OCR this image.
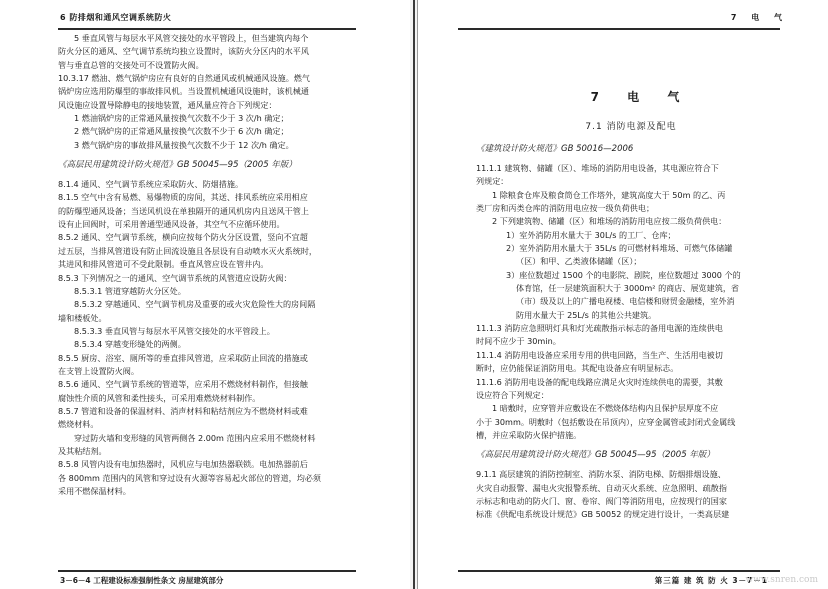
6 防排烟和通风空调系统防火
5 垂直风管与每层水平风管交接处的水平管段上，但当建筑内每个
防火分区的通风、空气调节系统均独立设置时，该防火分区内的水平风
管与垂直总管的交接处可不设置防火阀。
10.3.17 燃油、燃气锅炉房应有良好的自然通风或机械通风设施。燃气
锅炉房应选用防爆型的事故排风机。当设置机械通风设施时，该机械通
风设施应设置导除静电的接地装置，通风量应符合下列规定：
1 燃油锅炉房的正常通风量按换气次数不少于 3 次/h 确定；
2 燃气锅炉房的正常通风量按换气次数不少于 6 次/h 确定；
3 燃气锅炉房的事故排风量按换气次数不少于 12 次/h 确定。
《高层民用建筑设计防火规范》GB 50045—95（2005 年版）
8.1.4 通风、空气调节系统应采取防火、防烟措施。
8.1.5 空气中含有易燃、易爆物质的房间，其送、排风系统应采用相应
的防爆型通风设备；当送风机设在单独隔开的通风机房内且送风干管上
设有止回阀时，可采用普通型通风设备，其空气不应循环使用。
8.5.2 通风、空气调节系统，横向应按每个防火分区设置，竖向不宜超
过五层，当排风管道设有防止回流设施且各层设有自动喷水灭火系统时，
其进风和排风管道可不受此限制。垂直风管应设在管井内。
8.5.3 下列情况之一的通风、空气调节系统的风管道应设防火阀：
8.5.3.1 管道穿越防火分区处。
8.5.3.2 穿越通风、空气调节机房及重要的或火灾危险性大的房间隔
墙和楼板处。
8.5.3.3 垂直风管与每层水平风管交接处的水平管段上。
8.5.3.4 穿越变形缝处的两侧。
8.5.5 厨房、浴室、厕所等的垂直排风管道，应采取防止回流的措施或
在支管上设置防火阀。
8.5.6 通风、空气调节系统的管道等，应采用不燃烧材料制作，但接触
腐蚀性介质的风管和柔性接头，可采用难燃烧材料制作。
8.5.7 管道和设备的保温材料、消声材料和粘结剂应为不燃烧材料或难
燃烧材料。
穿过防火墙和变形缝的风管两侧各 2.00m 范围内应采用不燃烧材料
及其粘结剂。
8.5.8 风管内设有电加热器时，风机应与电加热器联锁。电加热器前后
各 800mm 范围内的风管和穿过设有火源等容易起火部位的管道，均必须
采用不燃保温材料。
3－6－4 工程建设标准强制性条文 房屋建筑部分
7 电 气
7 电 气
7.1 消防电源及配电
《建筑设计防火规范》GB 50016—2006
11.1.1 建筑物、储罐（区）、堆场的消防用电设备，其电源应符合下
列规定：
1 除粮食仓库及粮食筒仓工作塔外，建筑高度大于 50m 的乙、丙
类厂房和丙类仓库的消防用电应按一级负荷供电；
2 下列建筑物、储罐（区）和堆场的消防用电应按二级负荷供电：
1）室外消防用水量大于 30L/s 的工厂、仓库；
2）室外消防用水量大于 35L/s 的可燃材料堆场、可燃气体储罐
（区）和甲、乙类液体储罐（区）；
3）座位数超过 1500 个的电影院、剧院，座位数超过 3000 个的
体育馆，任一层建筑面积大于 3000m² 的商店、展览建筑，省
（市）级及以上的广播电视楼、电信楼和财贸金融楼，室外消
防用水量大于 25L/s 的其他公共建筑。
11.1.3 消防应急照明灯具和灯光疏散指示标志的备用电源的连续供电
时间不应少于 30min。
11.1.4 消防用电设备应采用专用的供电回路，当生产、生活用电被切
断时，应仍能保证消防用电。其配电设备应有明显标志。
11.1.6 消防用电设备的配电线路应满足火灾时连续供电的需要，其敷
设应符合下列规定：
1 暗敷时，应穿管并应敷设在不燃烧体结构内且保护层厚度不应
小于 30mm。明敷时（包括敷设在吊顶内），应穿金属管或封闭式金属线
槽，并应采取防火保护措施。
《高层民用建筑设计防火规范》GB 50045—95（2005 年版）
9.1.1 高层建筑的消防控制室、消防水泵、消防电梯、防烟排烟设施、
火灾自动报警、漏电火灾报警系统、自动灭火系统、应急照明、疏散指
示标志和电动的防火门、窗、卷帘、阀门等消防用电，应按现行的国家
标准《供配电系统设计规范》GB 50052 的规定进行设计，一类高层建
第三篇 建 筑 防 火 3－7－1
www.snren.com
